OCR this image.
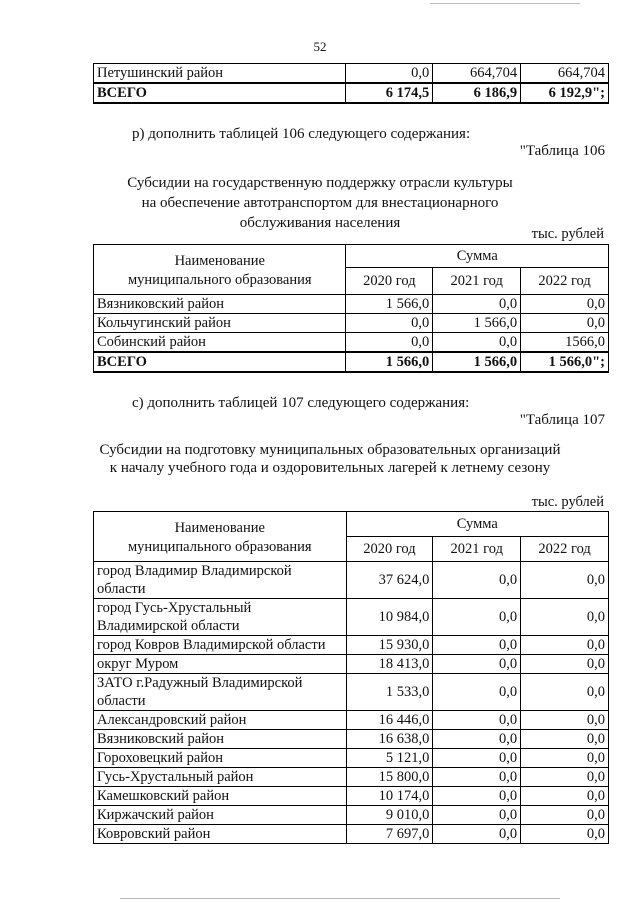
52
Петушинский район	0,0	664,704	664,704
ВСЕГО	6 174,5	6 186,9	6 192,9";
р) дополнить таблицей 106 следующего содержания:
"Таблица 106
Субсидии на государственную поддержку отрасли культуры
на обеспечение автотранспортом для внестационарного
обслуживания населения
тыс. рублей
Наименование
муниципального образования	Сумма		
	2020 год	2021 год	2022 год
Вязниковский район	1 566,0	0,0	0,0
Кольчугинский район	0,0	1 566,0	0,0
Собинский район	0,0	0,0	1566,0
ВСЕГО	1 566,0	1 566,0	1 566,0";
с) дополнить таблицей 107 следующего содержания:
"Таблица 107
Субсидии на подготовку муниципальных образовательных организаций
к началу учебного года и оздоровительных лагерей к летнему сезону
тыс. рублей
Наименование
муниципального образования	Сумма		
	2020 год	2021 год	2022 год

город Владимир Владимирской
области	37 624,0	0,0	0,0

город Гусь-Хрустальный
Владимирской области	10 984,0	0,0	0,0

город Ковров Владимирской области	15 930,0	0,0	0,0

округ Муром	18 413,0	0,0	0,0

ЗАТО г.Радужный Владимирской
области	1 533,0	0,0	0,0

Александровский район	16 446,0	0,0	0,0

Вязниковский район	16 638,0	0,0	0,0

Гороховецкий район	5 121,0	0,0	0,0

Гусь-Хрустальный район	15 800,0	0,0	0,0

Камешковский район	10 174,0	0,0	0,0

Киржачский район	9 010,0	0,0	0,0

Ковровский район	7 697,0	0,0	0,0
